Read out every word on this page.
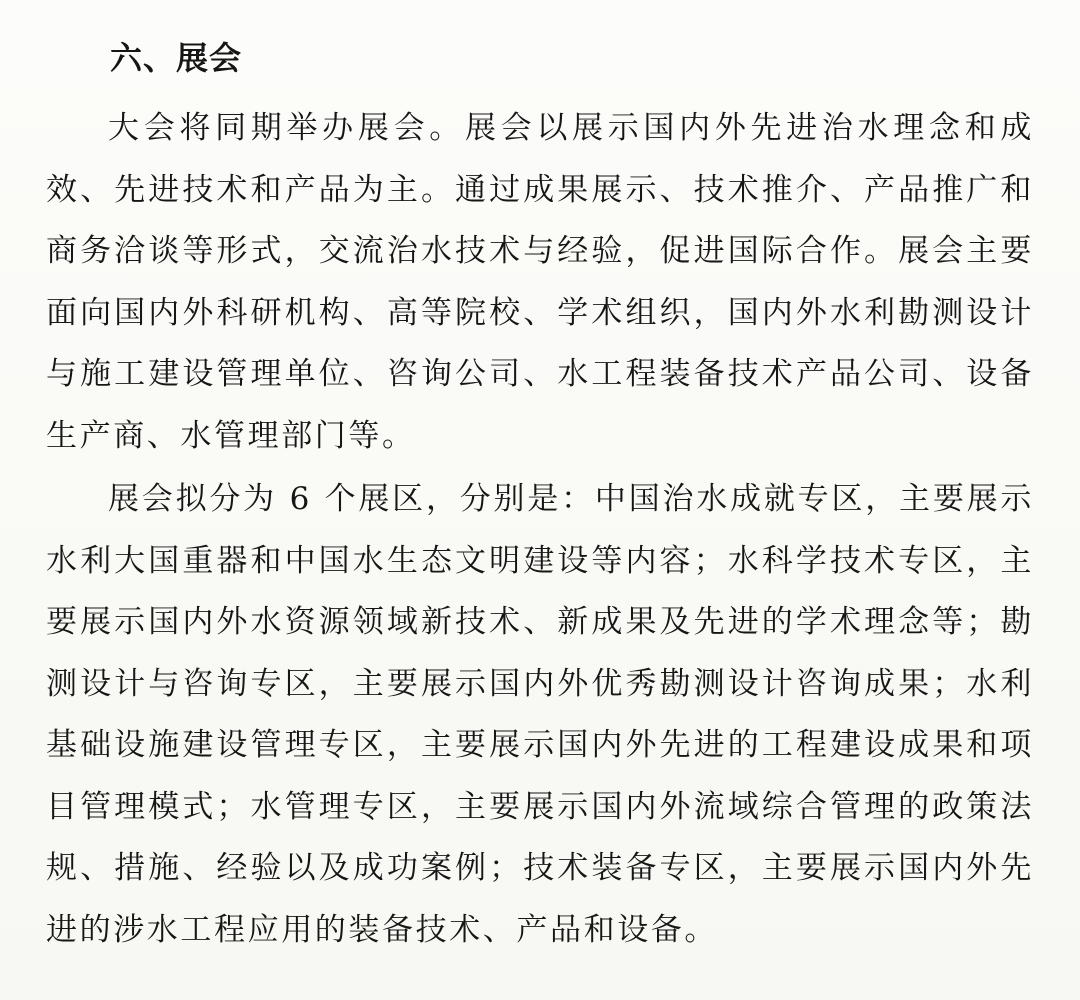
六、展会

大会将同期举办展会。展会以展示国内外先进治水理念和成效、先进技术和产品为主。通过成果展示、技术推介、产品推广和商务洽谈等形式，交流治水技术与经验，促进国际合作。展会主要面向国内外科研机构、高等院校、学术组织，国内外水利勘测设计与施工建设管理单位、咨询公司、水工程装备技术产品公司、设备生产商、水管理部门等。

展会拟分为 6 个展区，分别是：中国治水成就专区，主要展示水利大国重器和中国水生态文明建设等内容；水科学技术专区，主要展示国内外水资源领域新技术、新成果及先进的学术理念等；勘测设计与咨询专区，主要展示国内外优秀勘测设计咨询成果；水利基础设施建设管理专区，主要展示国内外先进的工程建设成果和项目管理模式；水管理专区，主要展示国内外流域综合管理的政策法规、措施、经验以及成功案例；技术装备专区，主要展示国内外先进的涉水工程应用的装备技术、产品和设备。
